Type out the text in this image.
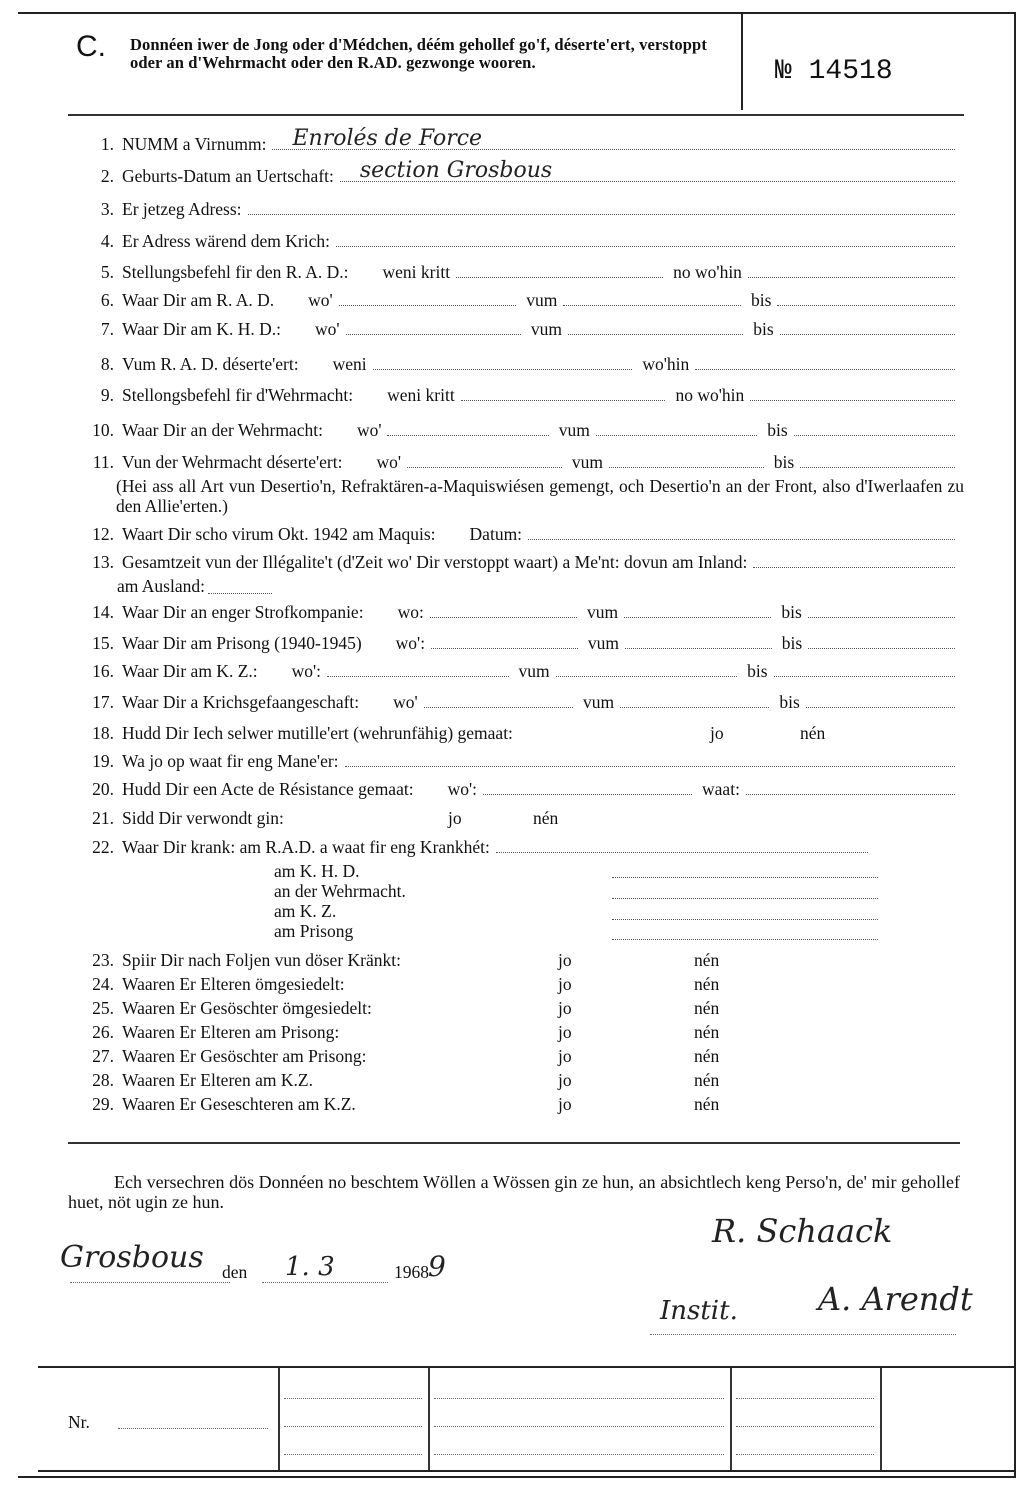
C. Donnéen iwer de Jong oder d'Médchen, déém gehollef go'f, déserte'ert, verstoppt oder an d'Wehrmacht oder den R.AD. gezwonge wooren.	№ 14518
1. NUMM a Virnumm: Enrolés de Force
2. Geburts-Datum an Uertschaft: section Grosbous
3. Er jetzeg Adress:
4. Er Adress wärend dem Krich:
5. Stellungsbefehl fir den R. A. D.: weni kritt	no wo'hin
6. Waar Dir am R. A. D. wo'	vum	bis
7. Waar Dir am K. H. D.: wo'	vum	bis
8. Vum R. A. D. déserte'ert: weni	wo'hin
9. Stellongsbefehl fir d'Wehrmacht: weni kritt	no wo'hin
10. Waar Dir an der Wehrmacht: wo'	vum	bis
11. Vun der Wehrmacht déserte'ert: wo'	vum	bis
12. Waart Dir scho virum Okt. 1942 am Maquis: Datum:
13. Gesamtzeit vun der Illégalite't (d'Zeit wo' Dir verstoppt waart) a Me'nt: dovun am Inland:
14. Waar Dir an enger Strofkompanie: wo:	vum	bis
15. Waar Dir am Prisong (1940-1945) wo':	vum	bis
16. Waar Dir am K. Z.: wo':	vum	bis
17. Waar Dir a Krichsgefaangeschaft: wo'	vum	bis
18. Hudd Dir Iech selwer mutille'ert (wehrunfähig) gemaat:	jo	nén
19. Wa jo op waat fir eng Mane'er:
20. Hudd Dir een Acte de Résistance gemaat: wo':	waat:
21. Sidd Dir verwondt gin:	jo	nén
22. Waar Dir krank: am R.A.D. a waat fir eng Krankhét:
23. Spiir Dir nach Foljen vun döser Kränkt:	jo	nén
24. Waaren Er Elteren ömgesiedelt:	jo	nén
25. Waaren Er Gesöschter ömgesiedelt:	jo	nén
26. Waaren Er Elteren am Prisong:	jo	nén
27. Waaren Er Gesöschter am Prisong:	jo	nén
28. Waaren Er Elteren am K.Z.	jo	nén
29. Waaren Er Geseschteren am K.Z.	jo	nén
(Hei ass all Art vun Desertio'n, Refraktären-a-Maquiswiésen gemengt, och Desertio'n an der Front, also d'Iwerlaafen zu den Allie'erten.)
am Ausland:
am K. H. D.
an der Wehrmacht.
am K. Z.
am Prisong
Ech versechren dös Donnéen no beschtem Wöllen a Wössen gin ze hun, an absichtlech keng Perso'n, de' mir gehollef huet, nöt ugin ze hun.
Grosbous den 1. 3	1968 9
R. Schaack
A. Arendt
Instit.
Nr.
